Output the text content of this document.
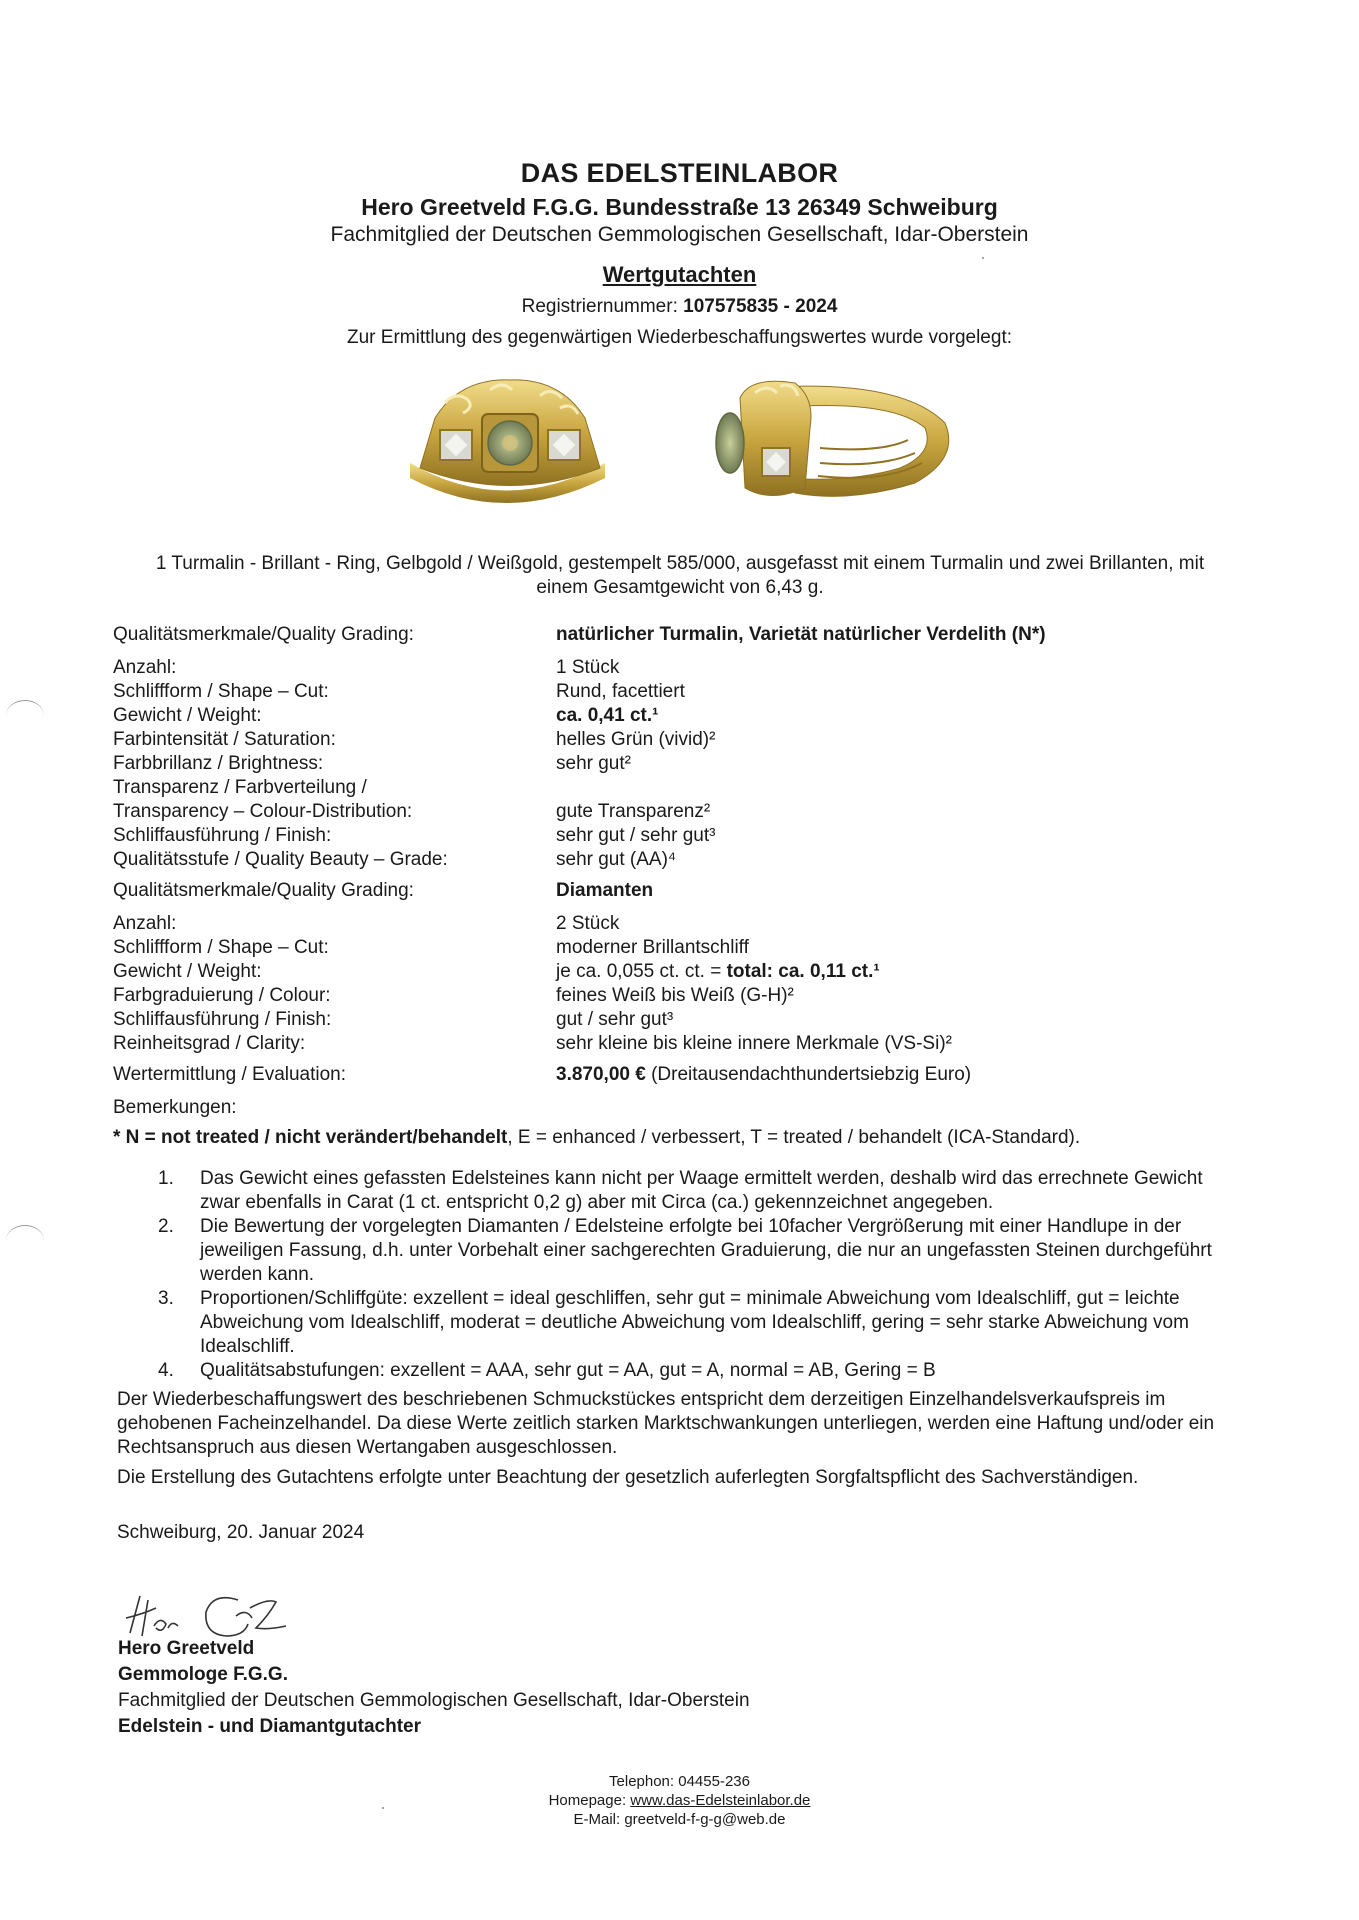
DAS EDELSTEINLABOR
Hero Greetveld F.G.G. Bundesstraße 13 26349 Schweiburg
Fachmitglied der Deutschen Gemmologischen Gesellschaft, Idar-Oberstein
Wertgutachten
Registriernummer: 107575835 - 2024
Zur Ermittlung des gegenwärtigen Wiederbeschaffungswertes wurde vorgelegt:
1 Turmalin - Brillant - Ring, Gelbgold / Weißgold, gestempelt 585/000, ausgefasst mit einem Turmalin und zwei Brillanten, mit einem Gesamtgewicht von 6,43 g.
Qualitätsmerkmale/Quality Grading:	natürlicher Turmalin, Varietät natürlicher Verdelith (N*)
Anzahl:	1 Stück
Schliffform / Shape – Cut:	Rund, facettiert
Gewicht / Weight:	ca. 0,41 ct.¹
Farbintensität / Saturation:	helles Grün (vivid)²
Farbbrillanz / Brightness:	sehr gut²
Transparenz / Farbverteilung /
Transparency – Colour-Distribution:	gute Transparenz²
Schliffausführung / Finish:	sehr gut / sehr gut³
Qualitätsstufe / Quality Beauty – Grade:	sehr gut (AA)⁴
Qualitätsmerkmale/Quality Grading:	Diamanten
Anzahl:	2 Stück
Schliffform / Shape – Cut:	moderner Brillantschliff
Gewicht / Weight:	je ca. 0,055 ct. ct. = total: ca. 0,11 ct.¹
Farbgraduierung / Colour:	feines Weiß bis Weiß (G-H)²
Schliffausführung / Finish:	gut / sehr gut³
Reinheitsgrad / Clarity:	sehr kleine bis kleine innere Merkmale (VS-Si)²
Wertermittlung / Evaluation:	3.870,00 € (Dreitausendachthundertsiebzig Euro)
Bemerkungen:
* N = not treated / nicht verändert/behandelt, E = enhanced / verbessert, T = treated / behandelt (ICA-Standard).
1. Das Gewicht eines gefassten Edelsteines kann nicht per Waage ermittelt werden, deshalb wird das errechnete Gewicht zwar ebenfalls in Carat (1 ct. entspricht 0,2 g) aber mit Circa (ca.) gekennzeichnet angegeben.
2. Die Bewertung der vorgelegten Diamanten / Edelsteine erfolgte bei 10facher Vergrößerung mit einer Handlupe in der jeweiligen Fassung, d.h. unter Vorbehalt einer sachgerechten Graduierung, die nur an ungefassten Steinen durchgeführt werden kann.
3. Proportionen/Schliffgüte: exzellent = ideal geschliffen, sehr gut = minimale Abweichung vom Idealschliff, gut = leichte Abweichung vom Idealschliff, moderat = deutliche Abweichung vom Idealschliff, gering = sehr starke Abweichung vom Idealschliff.
4. Qualitätsabstufungen: exzellent = AAA, sehr gut = AA, gut = A, normal = AB, Gering = B
Der Wiederbeschaffungswert des beschriebenen Schmuckstückes entspricht dem derzeitigen Einzelhandelsverkaufspreis im gehobenen Facheinzelhandel. Da diese Werte zeitlich starken Marktschwankungen unterliegen, werden eine Haftung und/oder ein Rechtsanspruch aus diesen Wertangaben ausgeschlossen.
Die Erstellung des Gutachtens erfolgte unter Beachtung der gesetzlich auferlegten Sorgfaltspflicht des Sachverständigen.
Schweiburg, 20. Januar 2024
Hero Greetveld
Gemmologe F.G.G.
Fachmitglied der Deutschen Gemmologischen Gesellschaft, Idar-Oberstein
Edelstein - und Diamantgutachter
Telephon: 04455-236
Homepage: www.das-Edelsteinlabor.de
E-Mail: greetveld-f-g-g@web.de
